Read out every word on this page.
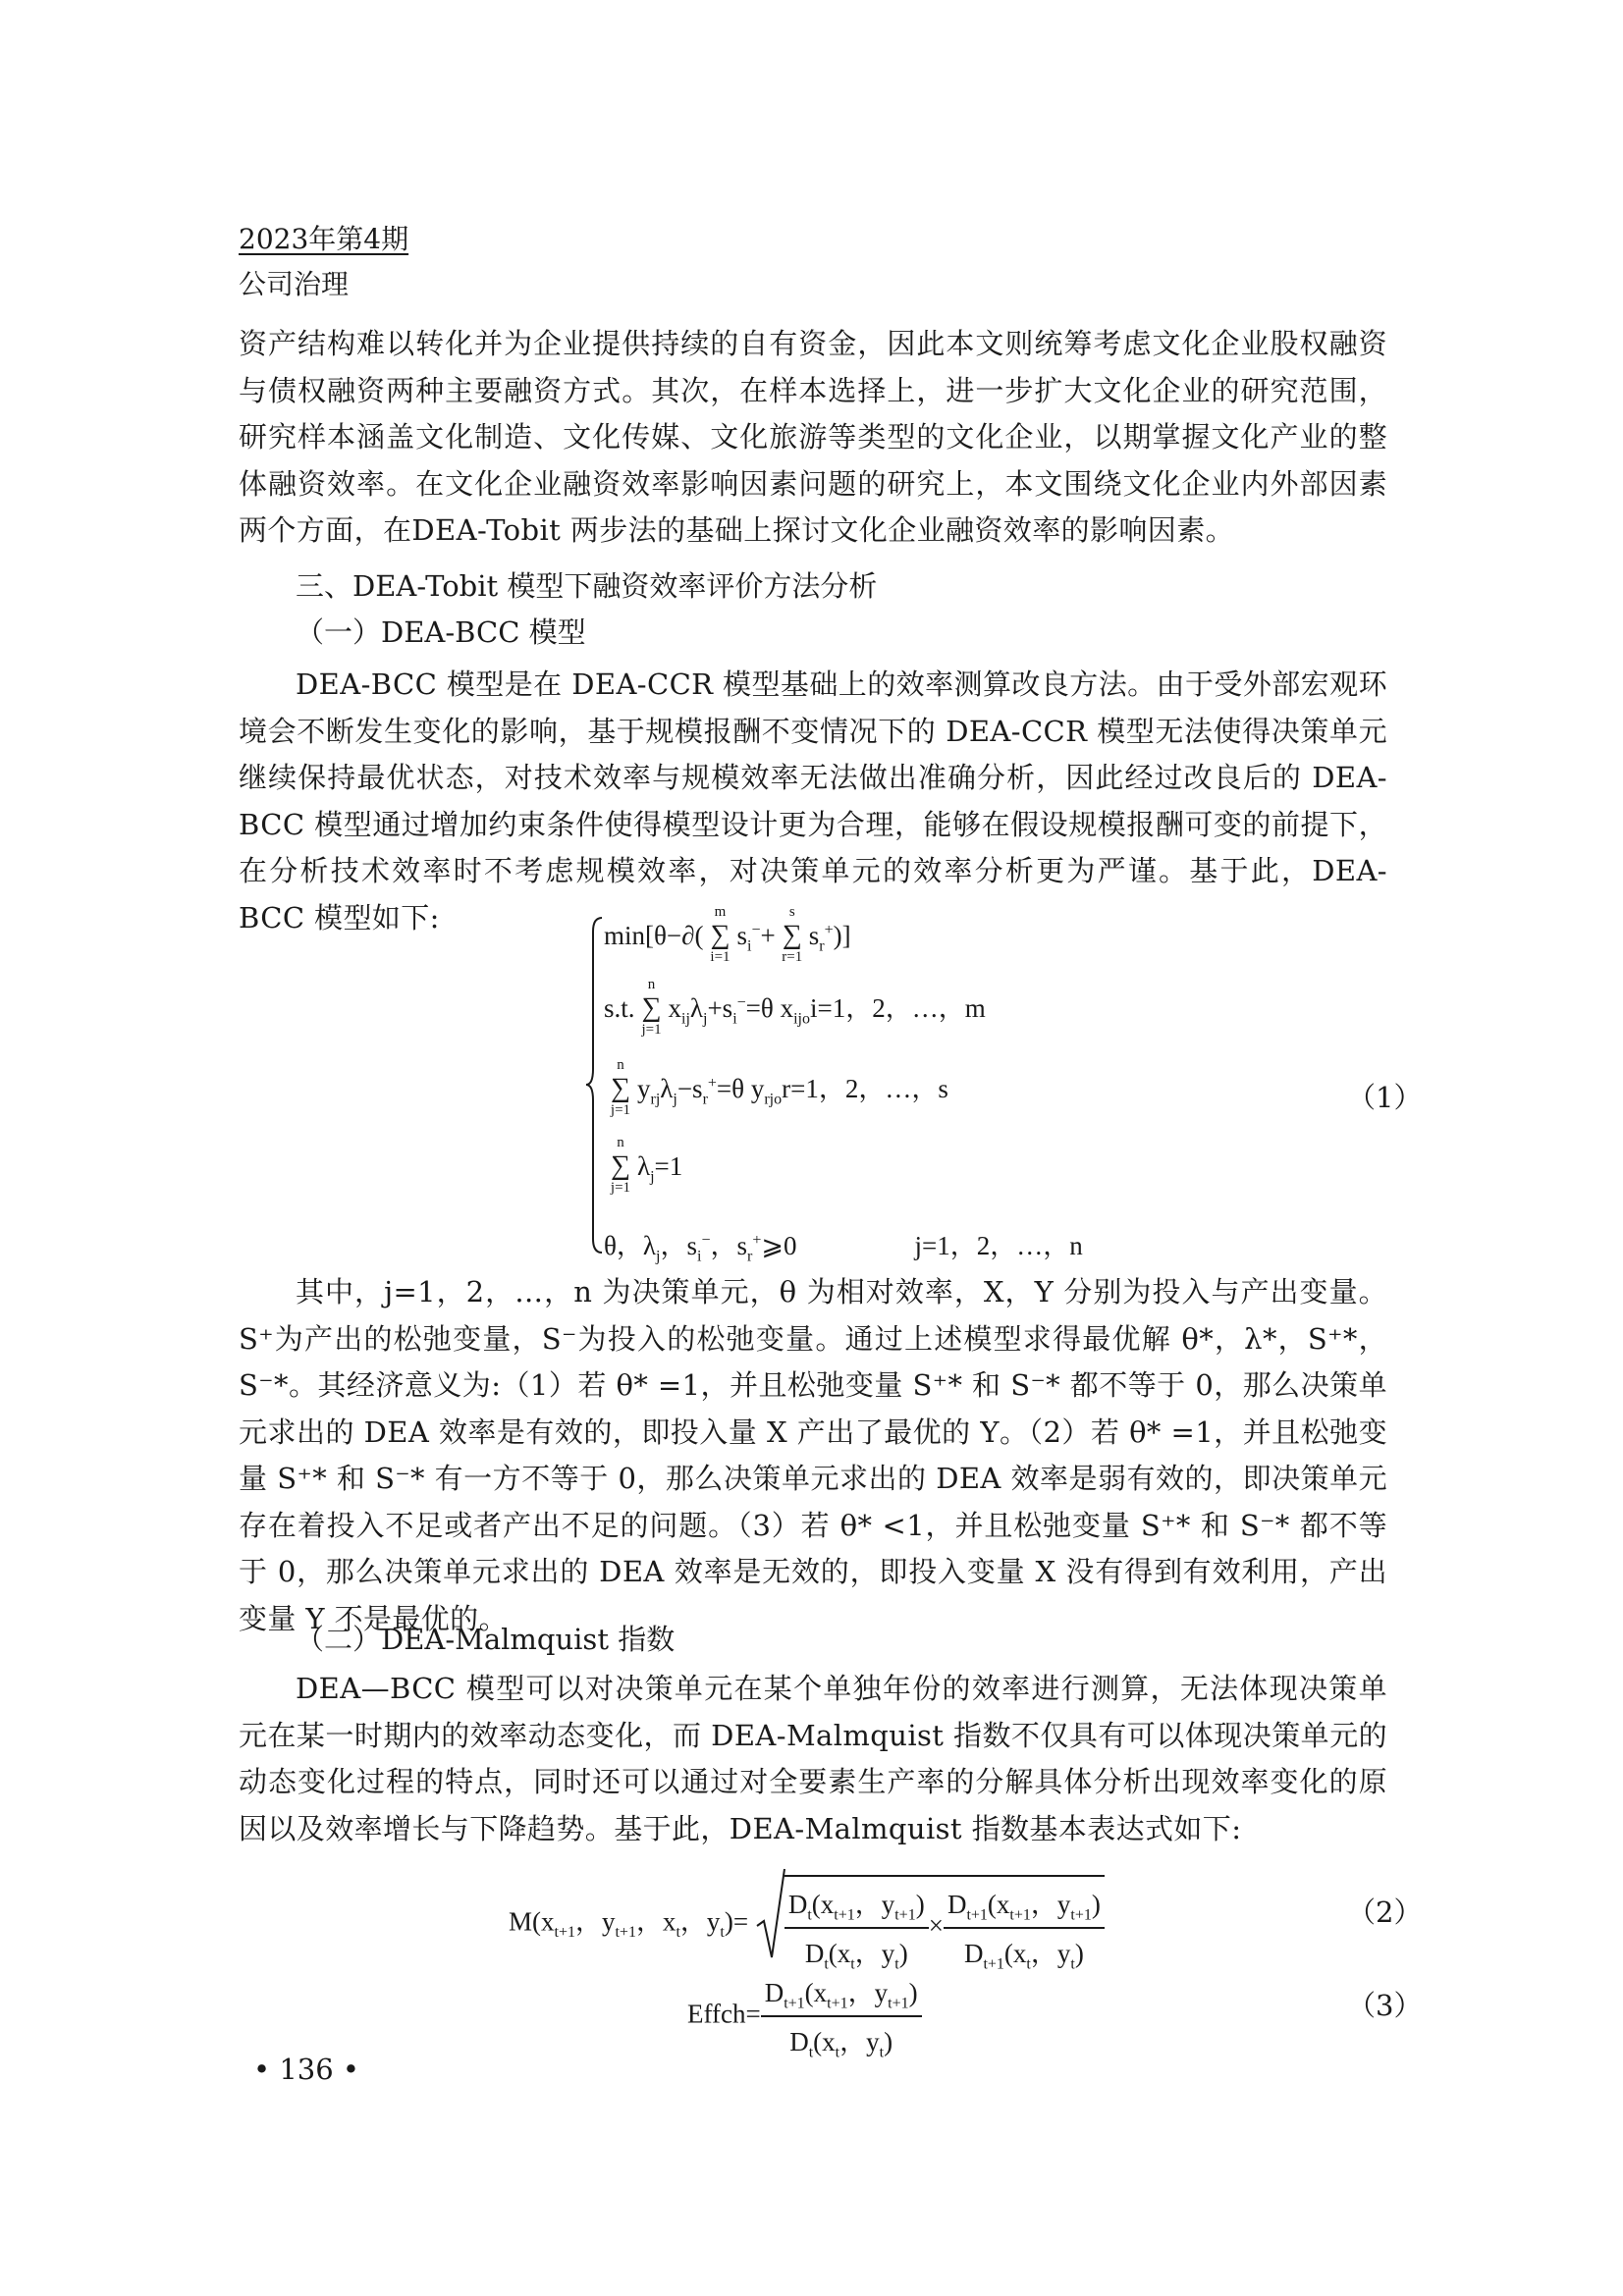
2023年第4期
公司治理
资产结构难以转化并为企业提供持续的自有资金，因此本文则统筹考虑文化企业股权融资与债权融资两种主要融资方式。其次，在样本选择上，进一步扩大文化企业的研究范围，研究样本涵盖文化制造、文化传媒、文化旅游等类型的文化企业，以期掌握文化产业的整体融资效率。在文化企业融资效率影响因素问题的研究上，本文围绕文化企业内外部因素两个方面，在DEA-Tobit 两步法的基础上探讨文化企业融资效率的影响因素。
三、DEA-Tobit 模型下融资效率评价方法分析
（一）DEA-BCC 模型
DEA-BCC 模型是在 DEA-CCR 模型基础上的效率测算改良方法。由于受外部宏观环境会不断发生变化的影响，基于规模报酬不变情况下的 DEA-CCR 模型无法使得决策单元继续保持最优状态，对技术效率与规模效率无法做出准确分析，因此经过改良后的 DEA-BCC 模型通过增加约束条件使得模型设计更为合理，能够在假设规模报酬可变的前提下，在分析技术效率时不考虑规模效率，对决策单元的效率分析更为严谨。基于此，DEA-BCC 模型如下:
min[θ−∂(
m
∑
i=1
$s_i^-+$
s
∑
r=1
$s_r^+$)]
s.t.
n
∑
j=1
$x_{ij}\lambda_j+s_i^-=\theta$ $x_{ijo}i=1$，2，…，m
n
∑
j=1
$y_{rj}\lambda_j-s_r^+=\theta$ $y_{rjo}r=1$，2，…，s
n
∑
j=1
$\lambda_j=1$
θ，$\lambda_j$，$s_i^-$，$s_r^+⩾0$	j=1，2，…，n
（1）
其中，j=1，2，…，n 为决策单元，θ 为相对效率，X，Y 分别为投入与产出变量。S⁺为产出的松弛变量，S⁻为投入的松弛变量。通过上述模型求得最优解 θ*，λ*，S⁺*，S⁻*。其经济意义为:（1）若 θ* =1，并且松弛变量 S⁺* 和 S⁻* 都不等于 0，那么决策单元求出的 DEA 效率是有效的，即投入量 X 产出了最优的 Y。（2）若 θ* =1，并且松弛变量 S⁺* 和 S⁻* 有一方不等于 0，那么决策单元求出的 DEA 效率是弱有效的，即决策单元存在着投入不足或者产出不足的问题。（3）若 θ* <1，并且松弛变量 S⁺* 和 S⁻* 都不等于 0，那么决策单元求出的 DEA 效率是无效的，即投入变量 X 没有得到有效利用，产出变量 Y 不是最优的。
（二）DEA-Malmquist 指数
DEA—BCC 模型可以对决策单元在某个单独年份的效率进行测算，无法体现决策单元在某一时期内的效率动态变化，而 DEA-Malmquist 指数不仅具有可以体现决策单元的动态变化过程的特点，同时还可以通过对全要素生产率的分解具体分析出现效率变化的原因以及效率增长与下降趋势。基于此，DEA-Malmquist 指数基本表达式如下:
$M(x_{t+1}$，$y_{t+1}$，$x_t$，$y_t)= \frac{D_t(x_{t+1},y_{t+1})}{D_t(x_t,y_t)} \times \frac{D_{t+1}(x_{t+1},y_{t+1})}{D_{t+1}(x_t,y_t)}$	（2）
Effch= $\frac{D_{t+1}(x_{t+1},y_{t+1})}{D_t(x_t,y_t)}$	（3）
• 136 •
